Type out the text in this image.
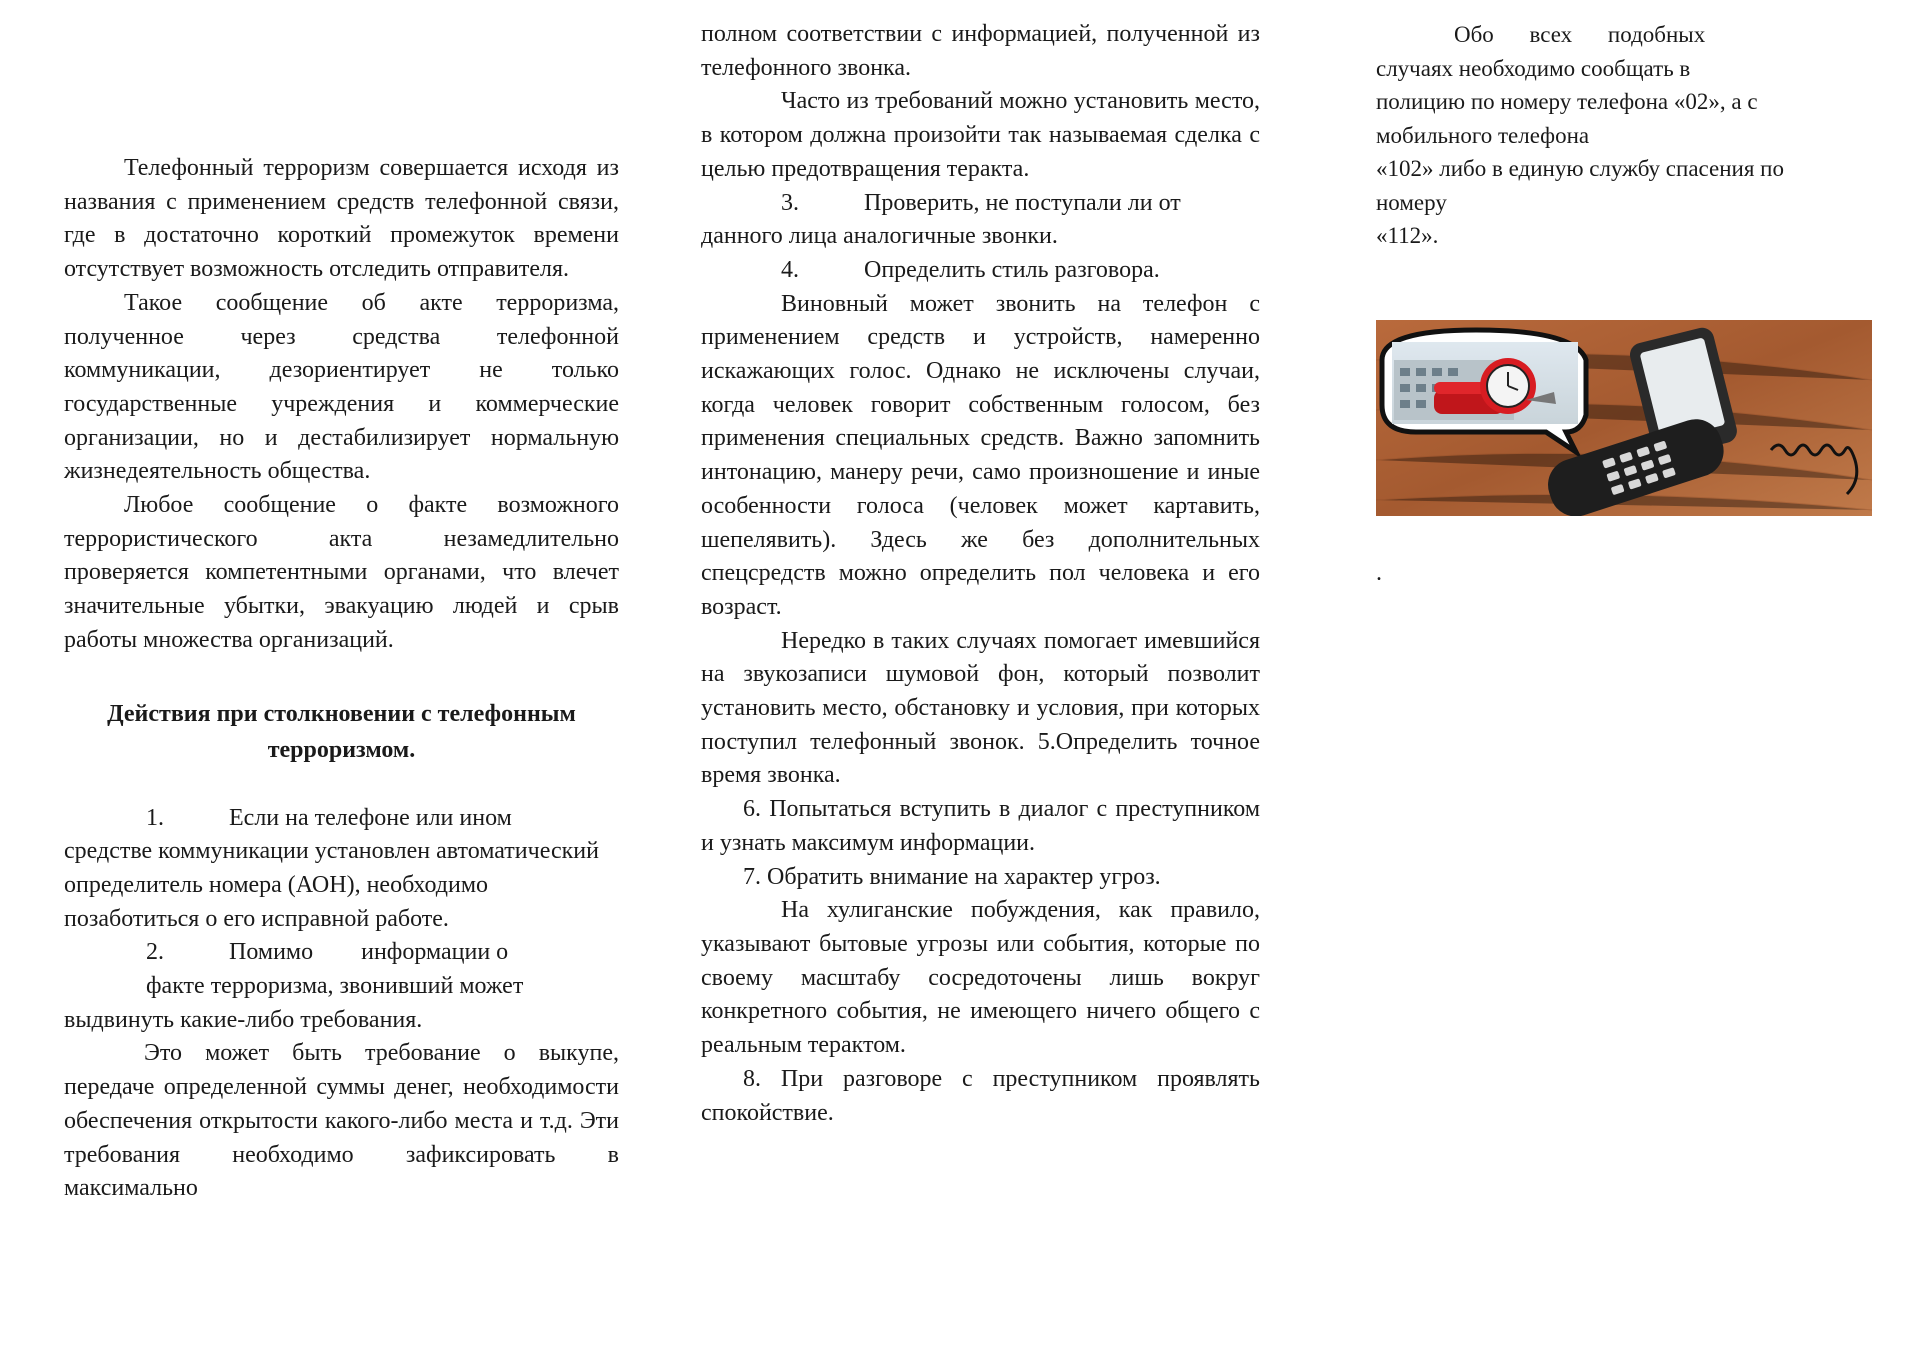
Телефонный терроризм совершается исходя из названия с применением средств телефонной связи, где в достаточно короткий промежуток времени отсутствует возможность отследить отправителя.

Такое сообщение об акте терроризма, полученное через средства телефонной коммуникации, дезориентирует не только государственные учреждения и коммерческие организации, но и дестабилизирует нормальную жизнедеятельность общества.

Любое сообщение о факте возможного террористического акта незамедлительно проверяется компетентными органами, что влечет значительные убытки, эвакуацию людей и срыв работы множества организаций.

Действия при столкновении с телефонным
терроризмом.

1.	Если на телефоне или ином

средстве коммуникации установлен автоматический определитель номера (АОН), необходимо позаботиться о его исправной работе.

2.	Помимо информации о

факте терроризма, звонивший может

выдвинуть какие-либо требования.

Это может быть требование о выкупе, передаче определенной суммы денег, необходимости обеспечения открытости какого-либо места и т.д. Эти требования необходимо зафиксировать в максимально

полном соответствии с информацией, полученной из телефонного звонка.

Часто из требований можно установить место, в котором должна произойти так называемая сделка с целью предотвращения теракта.

3.	Проверить, не поступали ли от

данного лица аналогичные звонки.

4.	Определить стиль разговора.

Виновный может звонить на телефон с применением средств и устройств, намеренно искажающих голос. Однако не исключены случаи, когда человек говорит собственным голосом, без применения специальных средств. Важно запомнить интонацию, манеру речи, само произношение и иные особенности голоса (человек может картавить, шепелявить). Здесь же без дополнительных спецсредств можно определить пол человека и его возраст.

Нередко в таких случаях помогает имевшийся на звукозаписи шумовой фон, который позволит установить место, обстановку и условия, при которых поступил телефонный звонок. 5.Определить точное время звонка.

6. Попытаться вступить в диалог с преступником и узнать максимум информации.

7. Обратить внимание на характер угроз.

На хулиганские побуждения, как правило, указывают бытовые угрозы или события, которые по своему масштабу сосредоточены лишь вокруг конкретного события, не имеющего ничего общего с реальным терактом.

8. При разговоре с преступником проявлять спокойствие.

Обо всех подобных

случаях необходимо сообщать в

полицию по номеру телефона «02», а с

мобильного телефона

«102» либо в единую службу спасения по

номеру

«112».

.
